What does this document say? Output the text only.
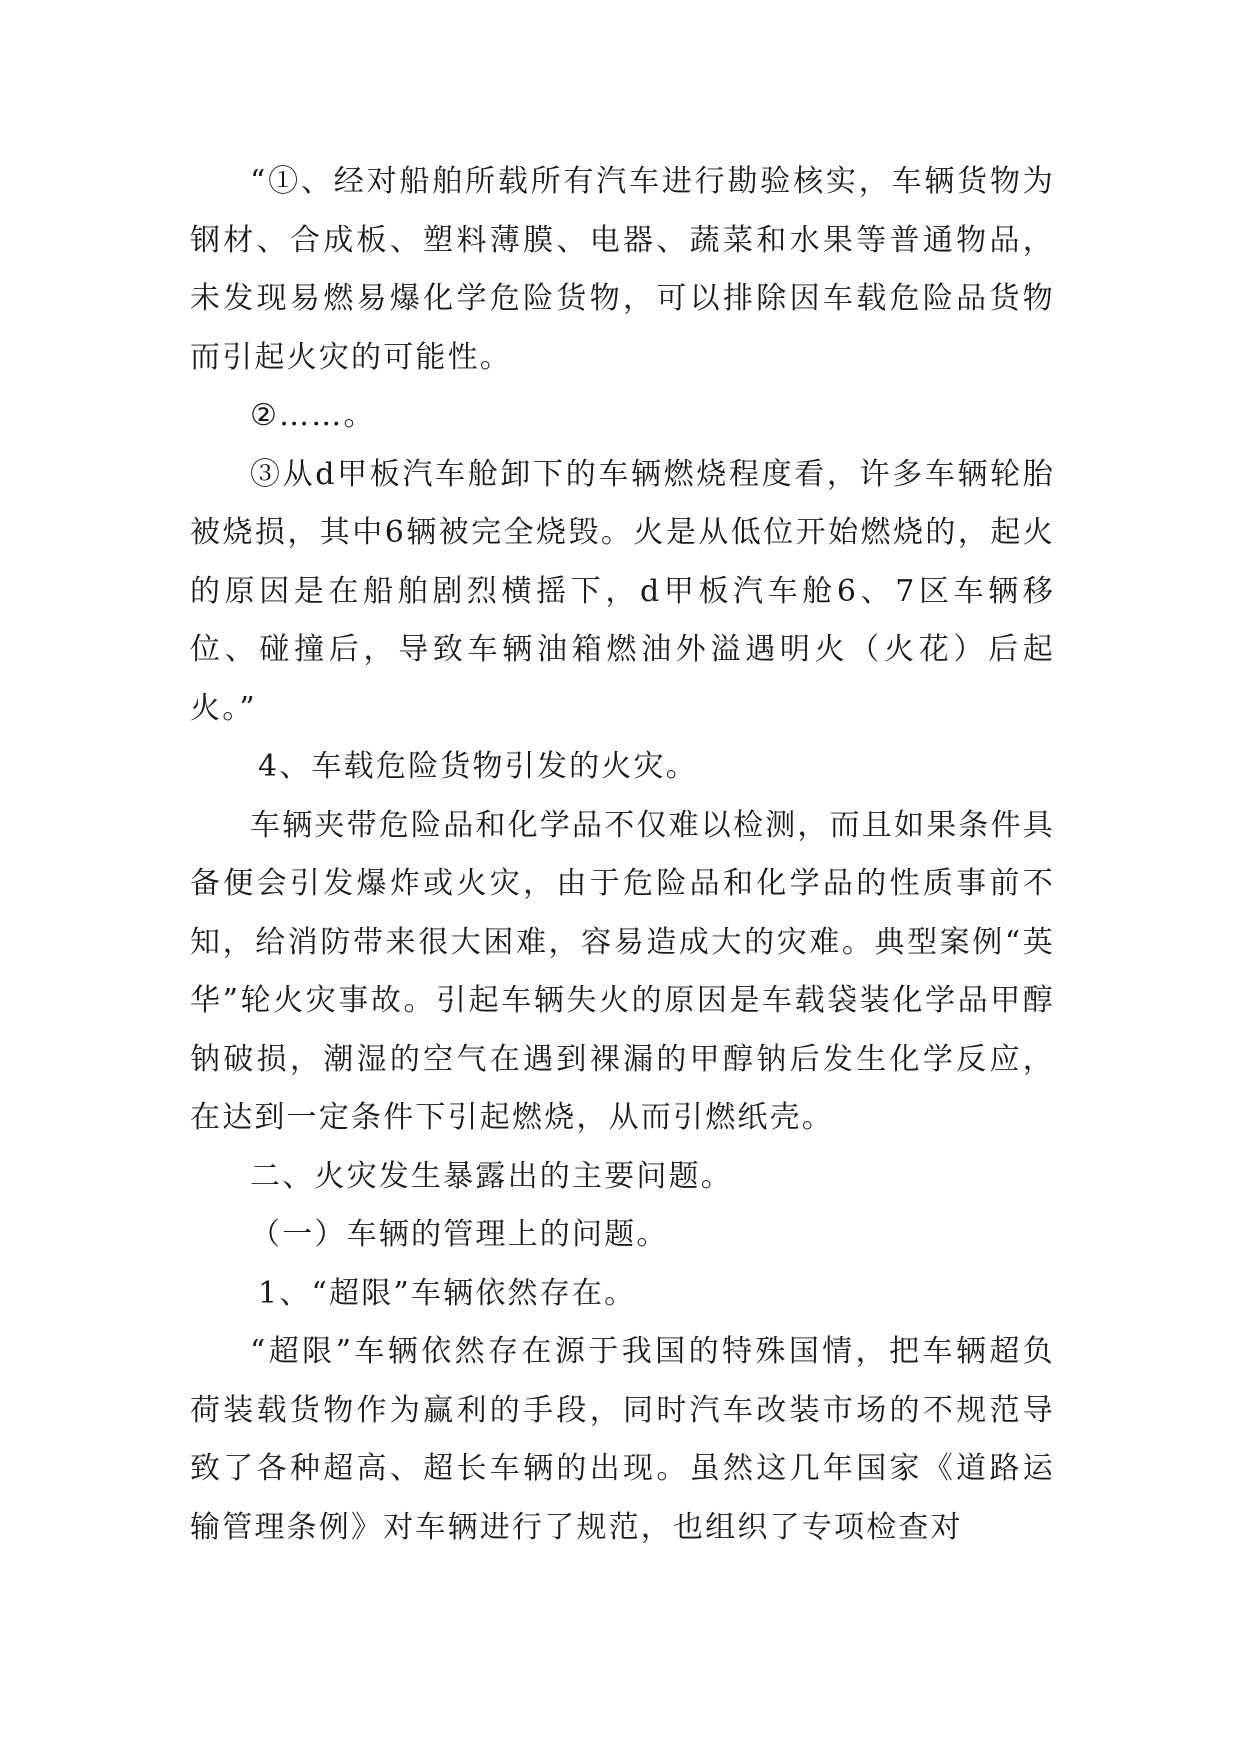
“①、经对船舶所载所有汽车进行勘验核实，车辆货物为钢材、合成板、塑料薄膜、电器、蔬菜和水果等普通物品，未发现易燃易爆化学危险货物，可以排除因车载危险品货物而引起火灾的可能性。

②……。

③从d甲板汽车舱卸下的车辆燃烧程度看，许多车辆轮胎被烧损，其中6辆被完全烧毁。火是从低位开始燃烧的，起火的原因是在船舶剧烈横摇下，d甲板汽车舱6、7区车辆移位、碰撞后，导致车辆油箱燃油外溢遇明火（火花）后起火。”

4、车载危险货物引发的火灾。

车辆夹带危险品和化学品不仅难以检测，而且如果条件具备便会引发爆炸或火灾，由于危险品和化学品的性质事前不知，给消防带来很大困难，容易造成大的灾难。典型案例“英华”轮火灾事故。引起车辆失火的原因是车载袋装化学品甲醇钠破损，潮湿的空气在遇到裸漏的甲醇钠后发生化学反应，在达到一定条件下引起燃烧，从而引燃纸壳。

二、火灾发生暴露出的主要问题。

（一）车辆的管理上的问题。

1、“超限”车辆依然存在。

“超限”车辆依然存在源于我国的特殊国情，把车辆超负荷装载货物作为赢利的手段，同时汽车改装市场的不规范导致了各种超高、超长车辆的出现。虽然这几年国家《道路运输管理条例》对车辆进行了规范，也组织了专项检查对
